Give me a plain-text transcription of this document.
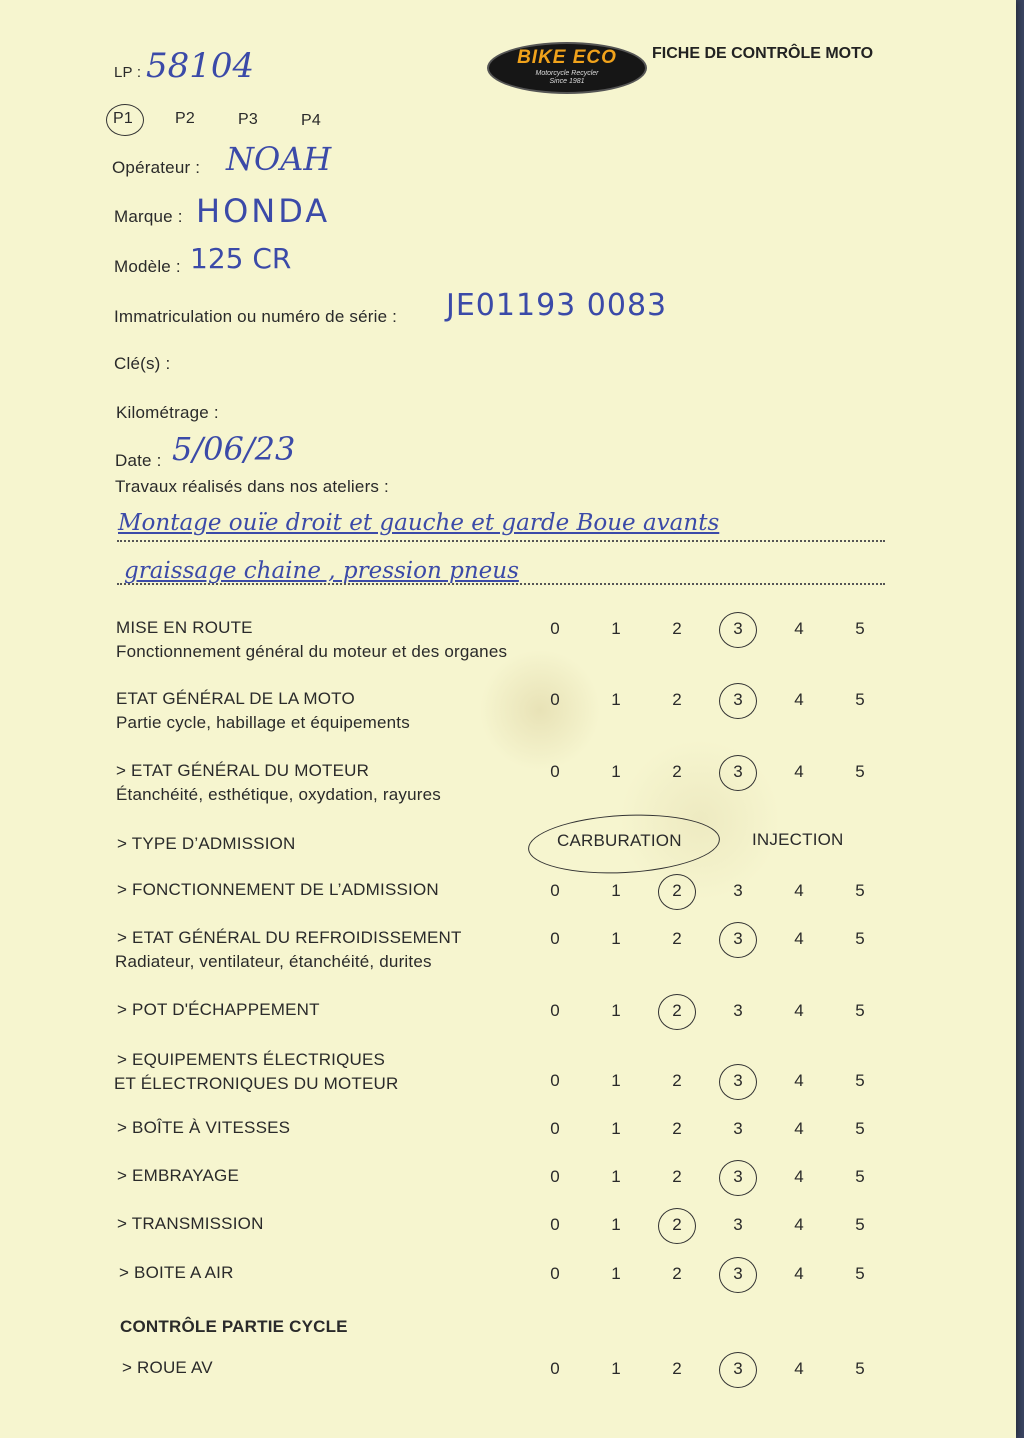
BIKE ECO
Motorcycle Recycler
Since 1981
FICHE DE CONTRÔLE MOTO
LP : 58104
P1	P2	P3	P4
Opérateur : NOAH
Marque : HONDA
Modèle : 125 CR
Immatriculation ou numéro de série : JE01193 0083
Clé(s) :
Kilométrage :
Date : 5/06/23
Travaux réalisés dans nos ateliers :
Montage ouïe droit et gauche et garde Boue avants
graissage chaine , pression pneus
MISE EN ROUTE
Fonctionnement général du moteur et des organes
0	1	2	3	4	5
ETAT GÉNÉRAL DE LA MOTO
Partie cycle, habillage et équipements
0	1	2	3	4	5
> ETAT GÉNÉRAL DU MOTEUR
Étanchéité, esthétique, oxydation, rayures
0	1	2	3	4	5
> FONCTIONNEMENT DE L’ADMISSION	0	1	2	3	4	5
> ETAT GÉNÉRAL DU REFROIDISSEMENT
Radiateur, ventilateur, étanchéité, durites
0	1	2	3	4	5
> POT D'ÉCHAPPEMENT	0	1	2	3	4	5
> EQUIPEMENTS ÉLECTRIQUES
ET ÉLECTRONIQUES DU MOTEUR	0	1	2	3	4	5
> BOÎTE À VITESSES	0	1	2	3	4	5
> EMBRAYAGE	0	1	2	3	4	5
> TRANSMISSION	0	1	2	3	4	5
> BOITE A AIR	0	1	2	3	4	5
> ROUE AV	0	1	2	3	4	5
> TYPE D’ADMISSION	CARBURATION	INJECTION
CONTRÔLE PARTIE CYCLE
